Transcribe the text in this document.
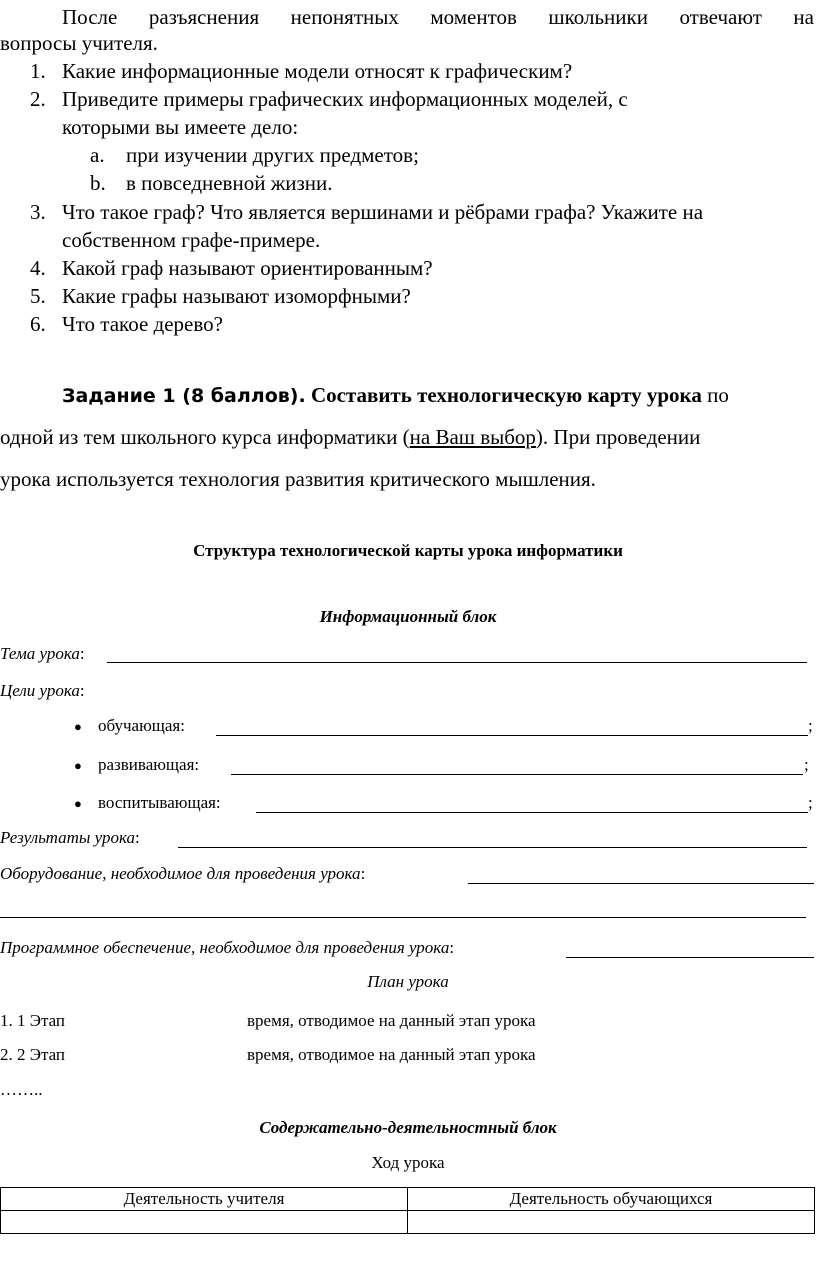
После разъяснения непонятных моментов школьники отвечают на
вопросы учителя.
1. Какие информационные модели относят к графическим?
2. Приведите примеры графических информационных моделей, с
которыми вы имеете дело:
a. при изучении других предметов;
b. в повседневной жизни.
3. Что такое граф? Что является вершинами и рёбрами графа? Укажите на
собственном графе-примере.
4. Какой граф называют ориентированным?
5. Какие графы называют изоморфными?
6. Что такое дерево?
Задание 1 (8 баллов). Составить технологическую карту урока по
одной из тем школьного курса информатики (на Ваш выбор). При проведении
урока используется технология развития критического мышления.
Структура технологической карты урока информатики
Информационный блок
Тема урока:
Цели урока:
● обучающая:	;
● развивающая:	;
● воспитывающая:	;
Результаты урока:
Оборудование, необходимое для проведения урока:
Программное обеспечение, необходимое для проведения урока:
План урока
1. 1 Этап	время, отводимое на данный этап урока
2. 2 Этап	время, отводимое на данный этап урока
……..
Содержательно-деятельностный блок
Ход урока
Деятельность учителя	Деятельность обучающихся
